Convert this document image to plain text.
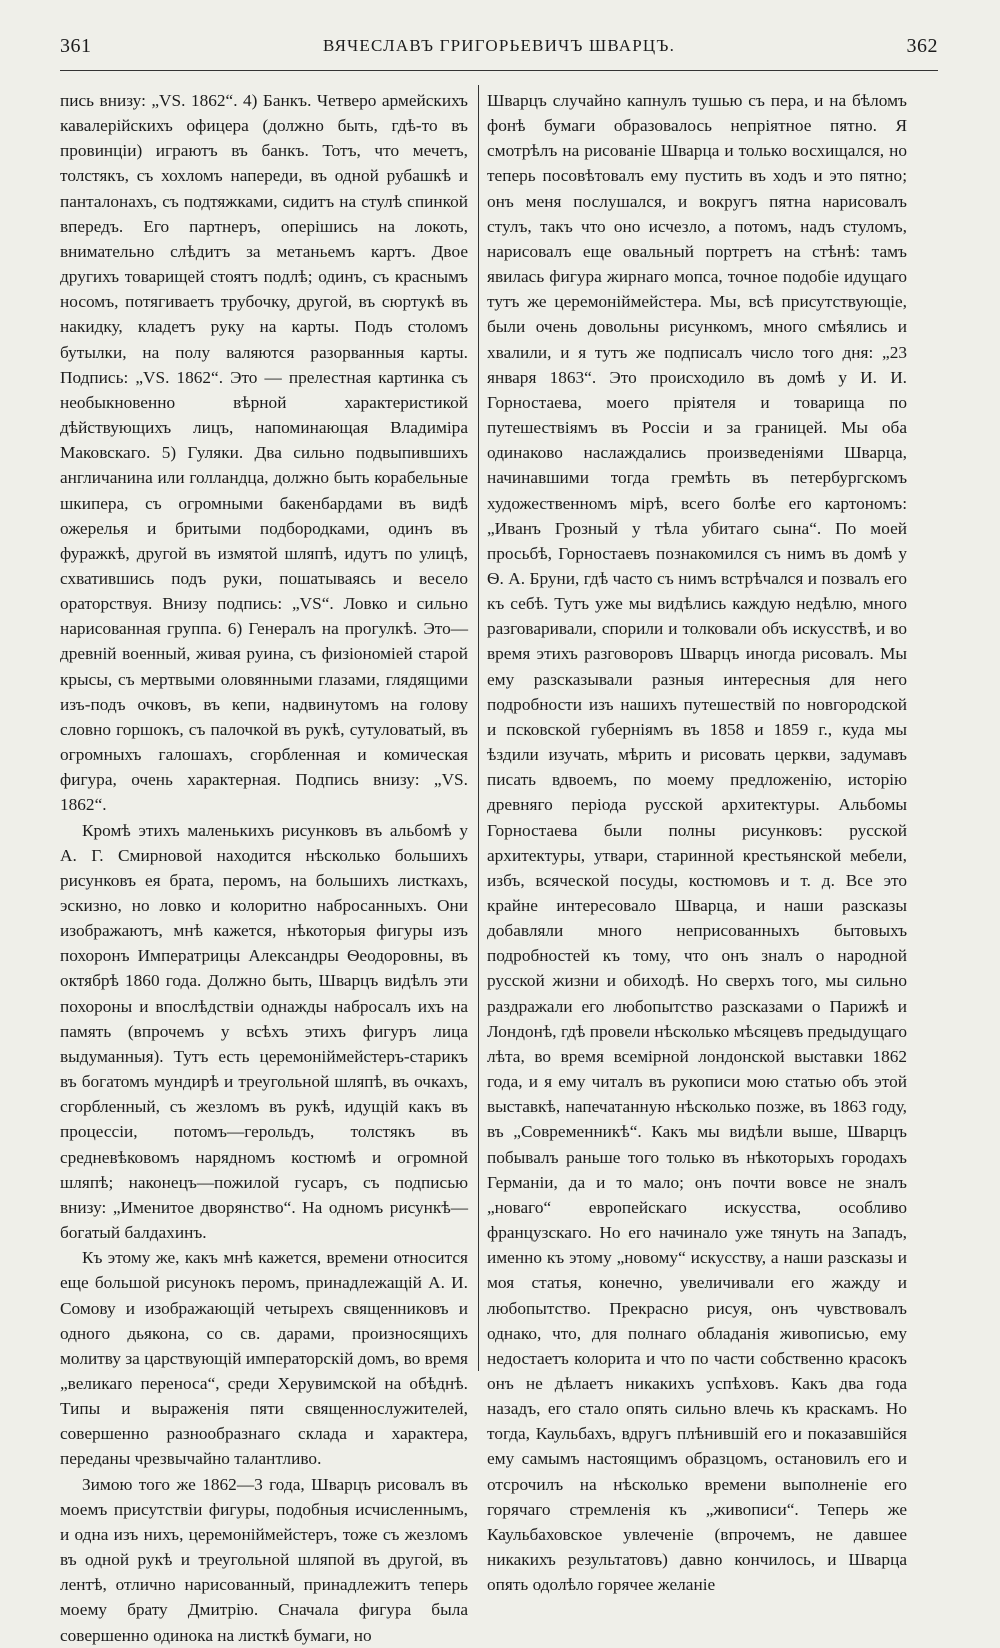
361	ВЯЧЕСЛАВЪ ГРИГОРЬЕВИЧЪ ШВАРЦЪ.	362

пись внизу: „VS. 1862“. 4) Банкъ. Четверо армейскихъ кавалерійскихъ офицера (должно быть, гдѣ-то въ провинціи) играютъ въ банкъ. Тотъ, что мечетъ, толстякъ, съ хохломъ напереди, въ одной рубашкѣ и панталонахъ, съ подтяжками, сидитъ на стулѣ спинкой впередъ. Его партнеръ, оперішись на локоть, внимательно слѣдитъ за метаньемъ картъ. Двое другихъ товарищей стоятъ подлѣ; одинъ, съ краснымъ носомъ, потягиваетъ трубочку, другой, въ сюртукѣ въ накидку, кладетъ руку на карты. Подъ столомъ бутылки, на полу валяются разорванныя карты. Подпись: „VS. 1862“. Это — прелестная картинка съ необыкновенно вѣрной характеристикой дѣйствующихъ лицъ, напоминающая Владиміра Маковскаго. 5) Гуляки. Два сильно подвыпившихъ англичанина или голландца, должно быть корабельные шкипера, съ огромными бакенбардами въ видѣ ожерелья и бритыми подбородками, одинъ въ фуражкѣ, другой въ измятой шляпѣ, идутъ по улицѣ, схватившись подъ руки, пошатываясь и весело ораторствуя. Внизу подпись: „VS“. Ловко и сильно нарисованная группа. 6) Генералъ на прогулкѣ. Это—древній военный, живая руина, съ физіономіей старой крысы, съ мертвыми оловянными глазами, глядящими изъ-подъ очковъ, въ кепи, надвинутомъ на голову словно горшокъ, съ палочкой въ рукѣ, сутуловатый, въ огромныхъ галошахъ, сгорбленная и комическая фигура, очень характерная. Подпись внизу: „VS. 1862“.

Кромѣ этихъ маленькихъ рисунковъ въ альбомѣ у А. Г. Смирновой находится нѣсколько большихъ рисунковъ ея брата, перомъ, на большихъ листкахъ, эскизно, но ловко и колоритно набросанныхъ. Они изображаютъ, мнѣ кажется, нѣкоторыя фигуры изъ похоронъ Императрицы Александры Ѳеодоровны, въ октябрѣ 1860 года. Должно быть, Шварцъ видѣлъ эти похороны и впослѣдствіи однажды набросалъ ихъ на память (впрочемъ у всѣхъ этихъ фигуръ лица выдуманныя). Тутъ есть церемоніймейстеръ-старикъ въ богатомъ мундирѣ и треугольной шляпѣ, въ очкахъ, сгорбленный, съ жезломъ въ рукѣ, идущій какъ въ процессіи, потомъ—герольдъ, толстякъ въ средневѣковомъ нарядномъ костюмѣ и огромной шляпѣ; наконецъ—пожилой гусаръ, съ подписью внизу: „Именитое дворянство“. На одномъ рисункѣ—богатый балдахинъ.

Къ этому же, какъ мнѣ кажется, времени относится еще большой рисунокъ перомъ, принадлежащій А. И. Сомову и изображающій четырехъ священниковъ и одного дьякона, со св. дарами, произносящихъ молитву за царствующій императорскій домъ, во время „великаго переноса“, среди Херувимской на обѣднѣ. Типы и выраженія пяти священнослужителей, совершенно разнообразнаго склада и характера, переданы чрезвычайно талантливо.

Зимою того же 1862—3 года, Шварцъ рисовалъ въ моемъ присутствіи фигуры, подобныя исчисленнымъ, и одна изъ нихъ, церемоніймейстеръ, тоже съ жезломъ въ одной рукѣ и треугольной шляпой въ другой, въ лентѣ, отлично нарисованный, принадлежитъ теперь моему брату Дмитрію. Сначала фигура была совершенно одинока на листкѣ бумаги, но

Шварцъ случайно капнулъ тушью съ пера, и на бѣломъ фонѣ бумаги образовалось непріятное пятно. Я смотрѣлъ на рисованіе Шварца и только восхищался, но теперь посовѣтовалъ ему пустить въ ходъ и это пятно; онъ меня послушался, и вокругъ пятна нарисовалъ стулъ, такъ что оно исчезло, а потомъ, надъ стуломъ, нарисовалъ еще овальный портретъ на стѣнѣ: тамъ явилась фигура жирнаго мопса, точное подобіе идущаго тутъ же церемоніймейстера. Мы, всѣ присутствующіе, были очень довольны рисункомъ, много смѣялись и хвалили, и я тутъ же подписалъ число того дня: „23 января 1863“. Это происходило въ домѣ у И. И. Горностаева, моего пріятеля и товарища по путешествіямъ въ Россіи и за границей. Мы оба одинаково наслаждались произведеніями Шварца, начинавшими тогда гремѣть въ петербургскомъ художественномъ мірѣ, всего болѣе его картономъ: „Иванъ Грозный у тѣла убитаго сына“. По моей просьбѣ, Горностаевъ познакомился съ нимъ въ домѣ у Ѳ. А. Бруни, гдѣ часто съ нимъ встрѣчался и позвалъ его къ себѣ. Тутъ уже мы видѣлись каждую недѣлю, много разговаривали, спорили и толковали объ искусствѣ, и во время этихъ разговоровъ Шварцъ иногда рисовалъ. Мы ему разсказывали разныя интересныя для него подробности изъ нашихъ путешествій по новгородской и псковской губерніямъ въ 1858 и 1859 г., куда мы ѣздили изучать, мѣрить и рисовать церкви, задумавъ писать вдвоемъ, по моему предложенію, исторію древняго періода русской архитектуры. Альбомы Горностаева были полны рисунковъ: русской архитектуры, утвари, старинной крестьянской мебели, избъ, всяческой посуды, костюмовъ и т. д. Все это крайне интересовало Шварца, и наши разсказы добавляли много неприсованныхъ бытовыхъ подробностей къ тому, что онъ зналъ о народной русской жизни и обиходѣ. Но сверхъ того, мы сильно раздражали его любопытство разсказами о Парижѣ и Лондонѣ, гдѣ провели нѣсколько мѣсяцевъ предыдущаго лѣта, во время всемірной лондонской выставки 1862 года, и я ему читалъ въ рукописи мою статью объ этой выставкѣ, напечатанную нѣсколько позже, въ 1863 году, въ „Современникѣ“. Какъ мы видѣли выше, Шварцъ побывалъ раньше того только въ нѣкоторыхъ городахъ Германіи, да и то мало; онъ почти вовсе не зналъ „новаго“ европейскаго искусства, особливо французскаго. Но его начинало уже тянуть на Западъ, именно къ этому „новому“ искусству, а наши разсказы и моя статья, конечно, увеличивали его жажду и любопытство. Прекрасно рисуя, онъ чувствовалъ однако, что, для полнаго обладанія живописью, ему недостаетъ колорита и что по части собственно красокъ онъ не дѣлаетъ никакихъ успѣховъ. Какъ два года назадъ, его стало опять сильно влечь къ краскамъ. Но тогда, Каульбахъ, вдругъ плѣнившій его и показавшійся ему самымъ настоящимъ образцомъ, остановилъ его и отсрочилъ на нѣсколько времени выполненіе его горячаго стремленія къ „живописи“. Теперь же Каульбаховское увлеченіе (впрочемъ, не давшее никакихъ результатовъ) давно кончилось, и Шварца опять одолѣло горячее желаніе
